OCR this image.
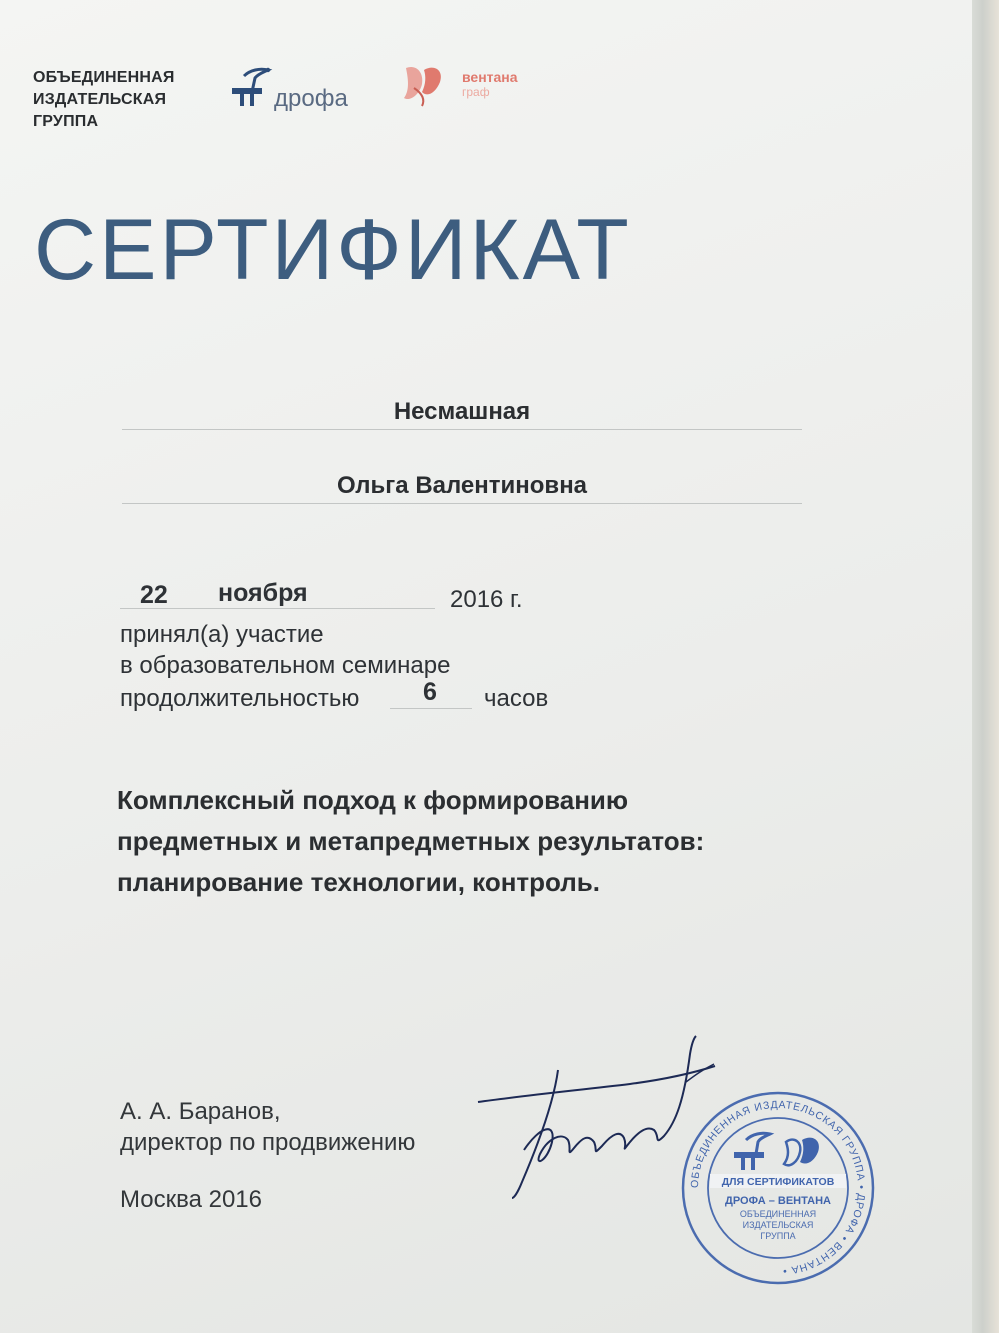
ОБЪЕДИНЕННАЯ
ИЗДАТЕЛЬСКАЯ
ГРУППА
дрофа
вентана
граф
СЕРТИФИКАТ
Несмашная
Ольга Валентиновна
22 ноября	2016 г.
принял(а) участие
в образовательном семинаре
продолжительностью	6 часов
Комплексный подход к формированию
предметных и метапредметных результатов:
планирование технологии, контроль.
А. А. Баранов,
директор по продвижению
Москва 2016
ОБЪЕДИНЕННАЯ ИЗДАТЕЛЬСКАЯ ГРУППА • ДРОФА • ВЕНТАНА •
ДЛЯ СЕРТИФИКАТОВ
ДРОФА – ВЕНТАНА
ОБЪЕДИНЕННАЯ
ИЗДАТЕЛЬСКАЯ
ГРУППА
